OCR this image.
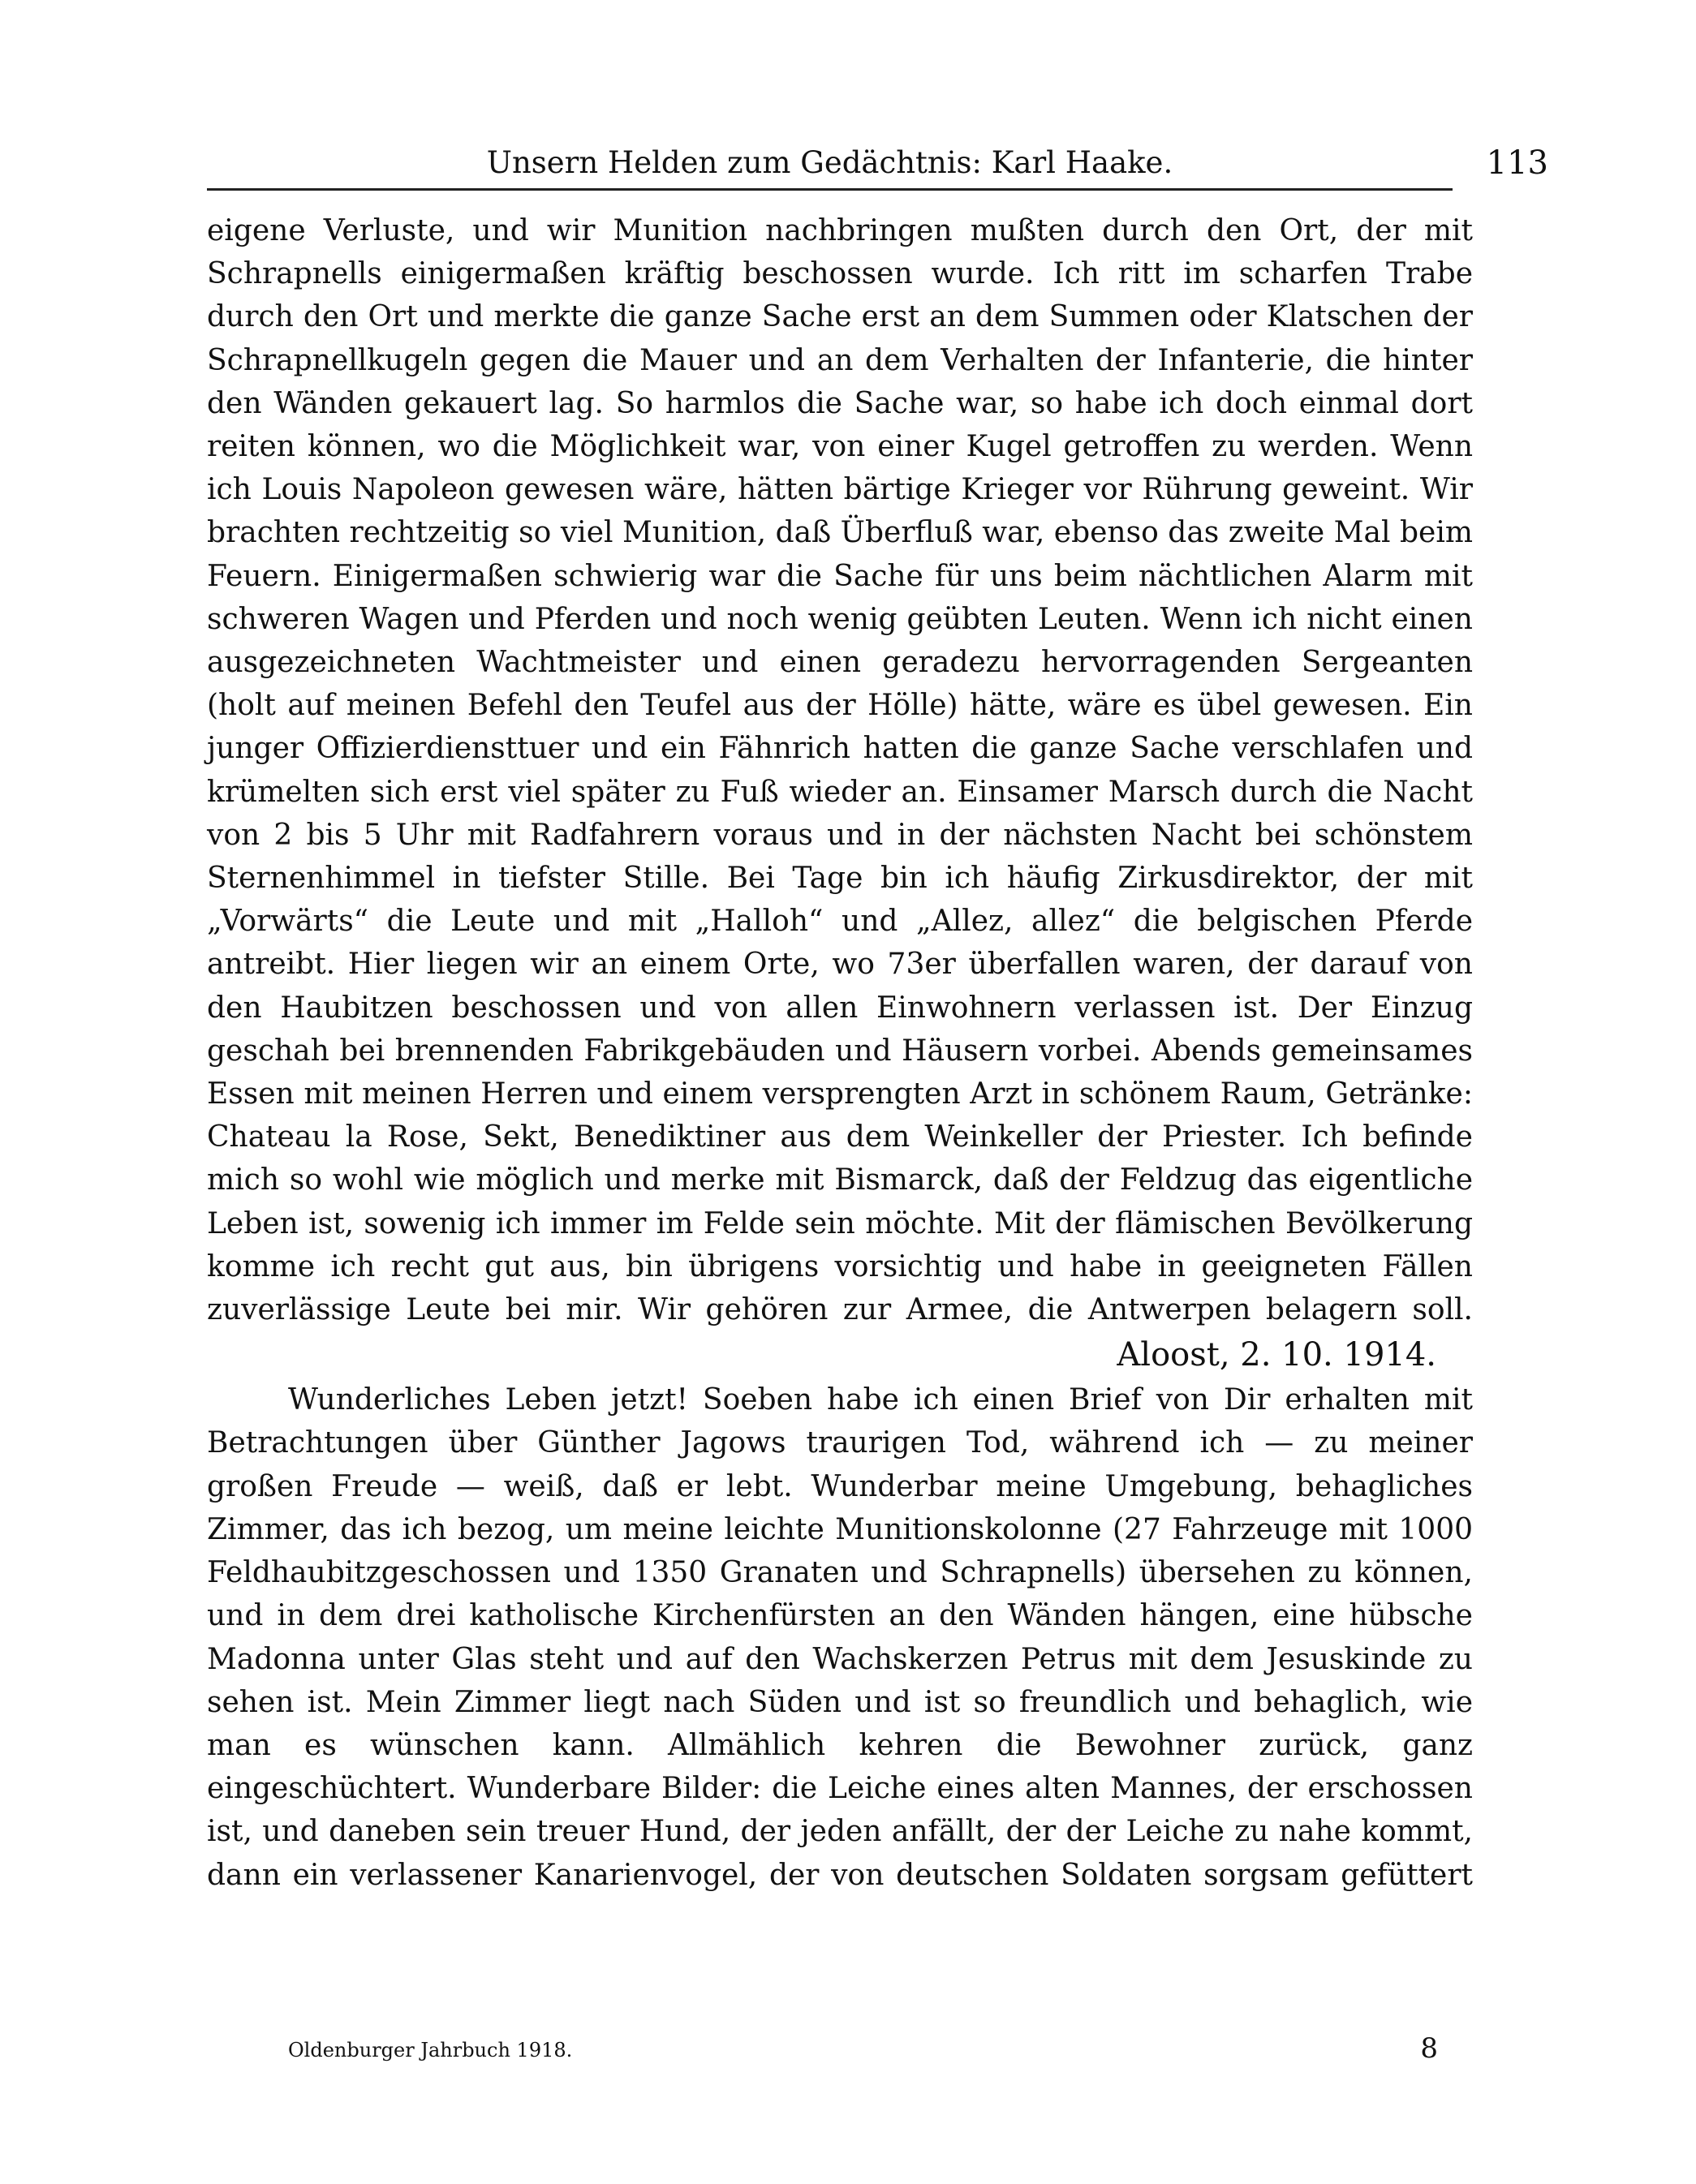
Unsern Helden zum Gedächtnis: Karl Haake.	113

eigene Verluste, und wir Munition nachbringen mußten durch den Ort, der mit Schrapnells einigermaßen kräftig beschossen wurde. Ich ritt im scharfen Trabe durch den Ort und merkte die ganze Sache erst an dem Summen oder Klatschen der Schrapnellkugeln gegen die Mauer und an dem Verhalten der Infanterie, die hinter den Wänden gekauert lag. So harmlos die Sache war, so habe ich doch einmal dort reiten können, wo die Möglichkeit war, von einer Kugel getroffen zu werden. Wenn ich Louis Napoleon gewesen wäre, hätten bärtige Krieger vor Rührung geweint. Wir brachten rechtzeitig so viel Munition, daß Überfluß war, ebenso das zweite Mal beim Feuern. Einigermaßen schwierig war die Sache für uns beim nächtlichen Alarm mit schweren Wagen und Pferden und noch wenig geübten Leuten. Wenn ich nicht einen ausgezeichneten Wachtmeister und einen geradezu hervorragenden Sergeanten (holt auf meinen Befehl den Teufel aus der Hölle) hätte, wäre es übel gewesen. Ein junger Offizierdiensttuer und ein Fähnrich hatten die ganze Sache verschlafen und krümelten sich erst viel später zu Fuß wieder an. Einsamer Marsch durch die Nacht von 2 bis 5 Uhr mit Radfahrern voraus und in der nächsten Nacht bei schönstem Sternenhimmel in tiefster Stille. Bei Tage bin ich häufig Zirkusdirektor, der mit „Vorwärts“ die Leute und mit „Halloh“ und „Allez, allez“ die belgischen Pferde antreibt. Hier liegen wir an einem Orte, wo 73er überfallen waren, der darauf von den Haubitzen beschossen und von allen Einwohnern verlassen ist. Der Einzug geschah bei brennenden Fabrikgebäuden und Häusern vorbei. Abends gemeinsames Essen mit meinen Herren und einem versprengten Arzt in schönem Raum, Getränke: Chateau la Rose, Sekt, Benediktiner aus dem Weinkeller der Priester. Ich befinde mich so wohl wie möglich und merke mit Bismarck, daß der Feldzug das eigentliche Leben ist, sowenig ich immer im Felde sein möchte. Mit der flämischen Bevölkerung komme ich recht gut aus, bin übrigens vorsichtig und habe in geeigneten Fällen zuverlässige Leute bei mir. Wir gehören zur Armee, die Antwerpen belagern soll.

Aloost, 2. 10. 1914.

Wunderliches Leben jetzt! Soeben habe ich einen Brief von Dir erhalten mit Betrachtungen über Günther Jagows traurigen Tod, während ich — zu meiner großen Freude — weiß, daß er lebt. Wunderbar meine Umgebung, behagliches Zimmer, das ich bezog, um meine leichte Munitionskolonne (27 Fahrzeuge mit 1000 Feldhaubitzgeschossen und 1350 Granaten und Schrapnells) übersehen zu können, und in dem drei katholische Kirchenfürsten an den Wänden hängen, eine hübsche Madonna unter Glas steht und auf den Wachskerzen Petrus mit dem Jesuskinde zu sehen ist. Mein Zimmer liegt nach Süden und ist so freundlich und behaglich, wie man es wünschen kann. Allmählich kehren die Bewohner zurück, ganz eingeschüchtert. Wunderbare Bilder: die Leiche eines alten Mannes, der erschossen ist, und daneben sein treuer Hund, der jeden anfällt, der der Leiche zu nahe kommt, dann ein verlassener Kanarienvogel, der von deutschen Soldaten sorgsam gefüttert

Oldenburger Jahrbuch 1918.	8
